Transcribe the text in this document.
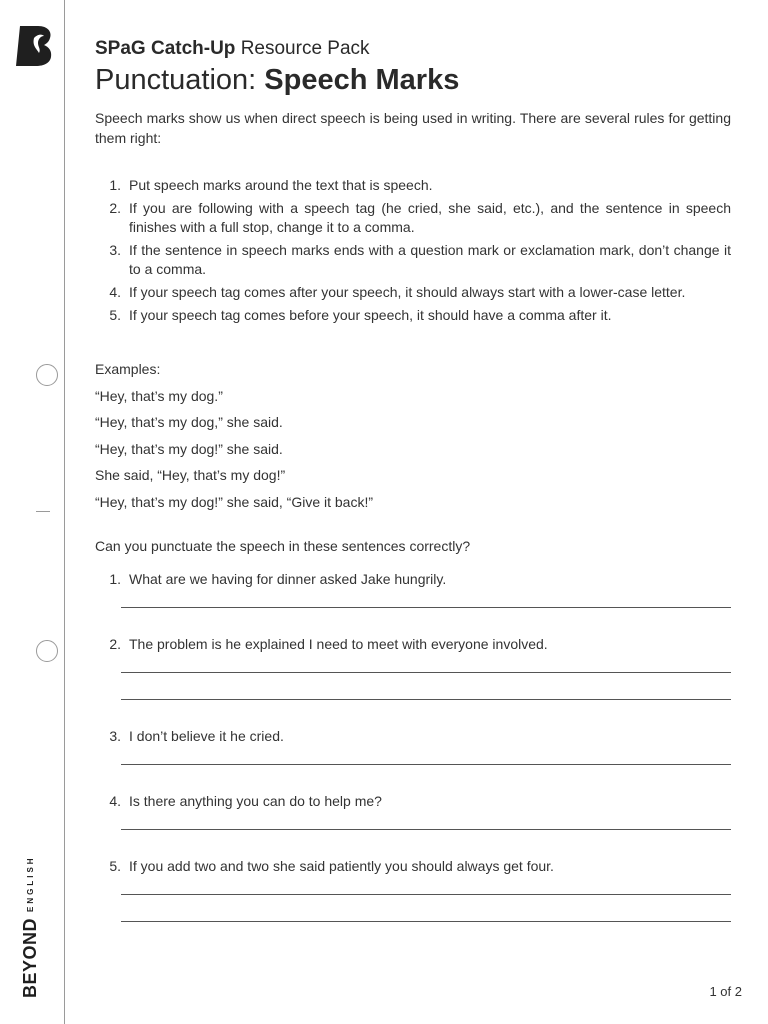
BEYOND
ENGLISH
SPaG Catch-Up Resource Pack
Punctuation: Speech Marks
Speech marks show us when direct speech is being used in writing. There are several rules for getting them right:
1. Put speech marks around the text that is speech.
2. If you are following with a speech tag (he cried, she said, etc.), and the sentence in speech finishes with a full stop, change it to a comma.
3. If the sentence in speech marks ends with a question mark or exclamation mark, don’t change it to a comma.
4. If your speech tag comes after your speech, it should always start with a lower-case letter.
5. If your speech tag comes before your speech, it should have a comma after it.
Examples:
“Hey, that’s my dog.”
“Hey, that’s my dog,” she said.
“Hey, that’s my dog!” she said.
She said, “Hey, that’s my dog!”
“Hey, that’s my dog!” she said, “Give it back!”
Can you punctuate the speech in these sentences correctly?
1. What are we having for dinner asked Jake hungrily.
2. The problem is he explained I need to meet with everyone involved.
3. I don’t believe it he cried.
4. Is there anything you can do to help me?
5. If you add two and two she said patiently you should always get four.
1 of 2
